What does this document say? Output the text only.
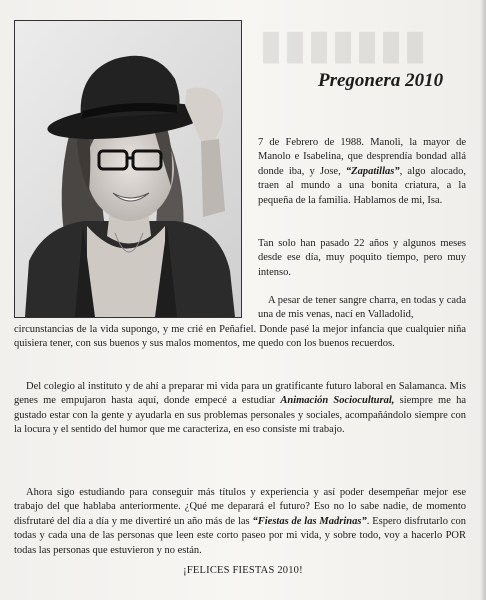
▮▮▮▮▮▮▮
Pregonera 2010

7 de Febrero de 1988. Manoli, la mayor de Manolo e Isabelina, que desprendía bondad allá donde iba, y Jose, “Zapatillas”, algo alocado, traen al mundo a una bonita criatura, a la pequeña de la familia. Hablamos de mi, Isa.

Tan solo han pasado 22 años y algunos meses desde ese día, muy poquito tiempo, pero muy intenso.

A pesar de tener sangre charra, en todas y cada una de mis venas, nací en Valladolid,
circunstancias de la vida supongo, y me crié en Peñafiel. Donde pasé la mejor infancia que cualquier niña quisiera tener, con sus buenos y sus malos momentos, me quedo con los buenos recuerdos.

Del colegio al instituto y de ahí a preparar mi vida para un gratificante futuro laboral en Salamanca. Mis genes me empujaron hasta aquí, donde empecé a estudiar Animación Sociocultural, siempre me ha gustado estar con la gente y ayudarla en sus problemas personales y sociales, acompañándolo siempre con la locura y el sentido del humor que me caracteriza, en eso consiste mi trabajo.

Ahora sigo estudiando para conseguir más títulos y experiencia y así poder desempeñar mejor ese trabajo del que hablaba anteriormente. ¿Qué me deparará el futuro? Eso no lo sabe nadie, de momento disfrutaré del día a día y me divertiré un año más de las “Fiestas de las Madrinas”. Espero disfrutarlo con todas y cada una de las personas que leen este corto paseo por mi vida, y sobre todo, voy a hacerlo POR todas las personas que estuvieron y no están.

¡FELICES FIESTAS 2010!
